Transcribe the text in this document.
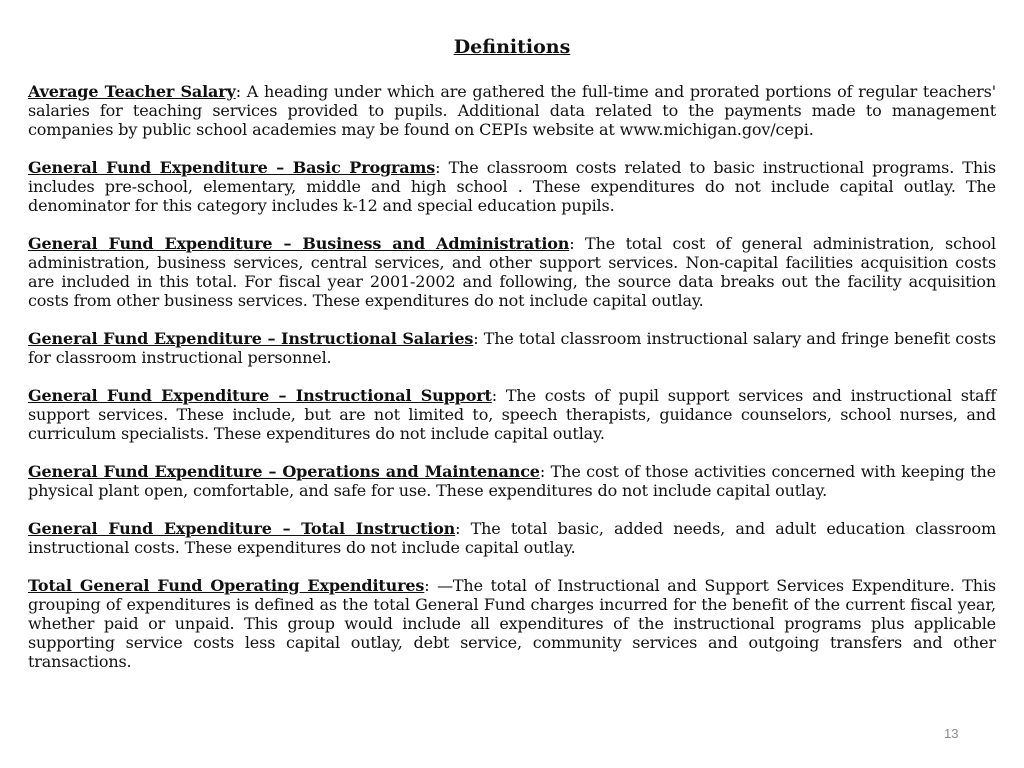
Definitions

Average Teacher Salary: A heading under which are gathered the full-time and prorated portions of regular teachers' salaries for teaching services provided to pupils. Additional data related to the payments made to management companies by public school academies may be found on CEPIs website at www.michigan.gov/cepi.

General Fund Expenditure – Basic Programs: The classroom costs related to basic instructional programs. This includes pre-school, elementary, middle and high school . These expenditures do not include capital outlay. The denominator for this category includes k-12 and special education pupils.

General Fund Expenditure – Business and Administration: The total cost of general administration, school administration, business services, central services, and other support services. Non-capital facilities acquisition costs are included in this total. For fiscal year 2001-2002 and following, the source data breaks out the facility acquisition costs from other business services. These expenditures do not include capital outlay.

General Fund Expenditure – Instructional Salaries: The total classroom instructional salary and fringe benefit costs for classroom instructional personnel.

General Fund Expenditure – Instructional Support: The costs of pupil support services and instructional staff support services. These include, but are not limited to, speech therapists, guidance counselors, school nurses, and curriculum specialists. These expenditures do not include capital outlay.

General Fund Expenditure – Operations and Maintenance: The cost of those activities concerned with keeping the physical plant open, comfortable, and safe for use. These expenditures do not include capital outlay.

General Fund Expenditure – Total Instruction: The total basic, added needs, and adult education classroom instructional costs. These expenditures do not include capital outlay.

Total General Fund Operating Expenditures: —The total of Instructional and Support Services Expenditure. This grouping of expenditures is defined as the total General Fund charges incurred for the benefit of the current fiscal year, whether paid or unpaid. This group would include all expenditures of the instructional programs plus applicable supporting service costs less capital outlay, debt service, community services and outgoing transfers and other transactions.

13
